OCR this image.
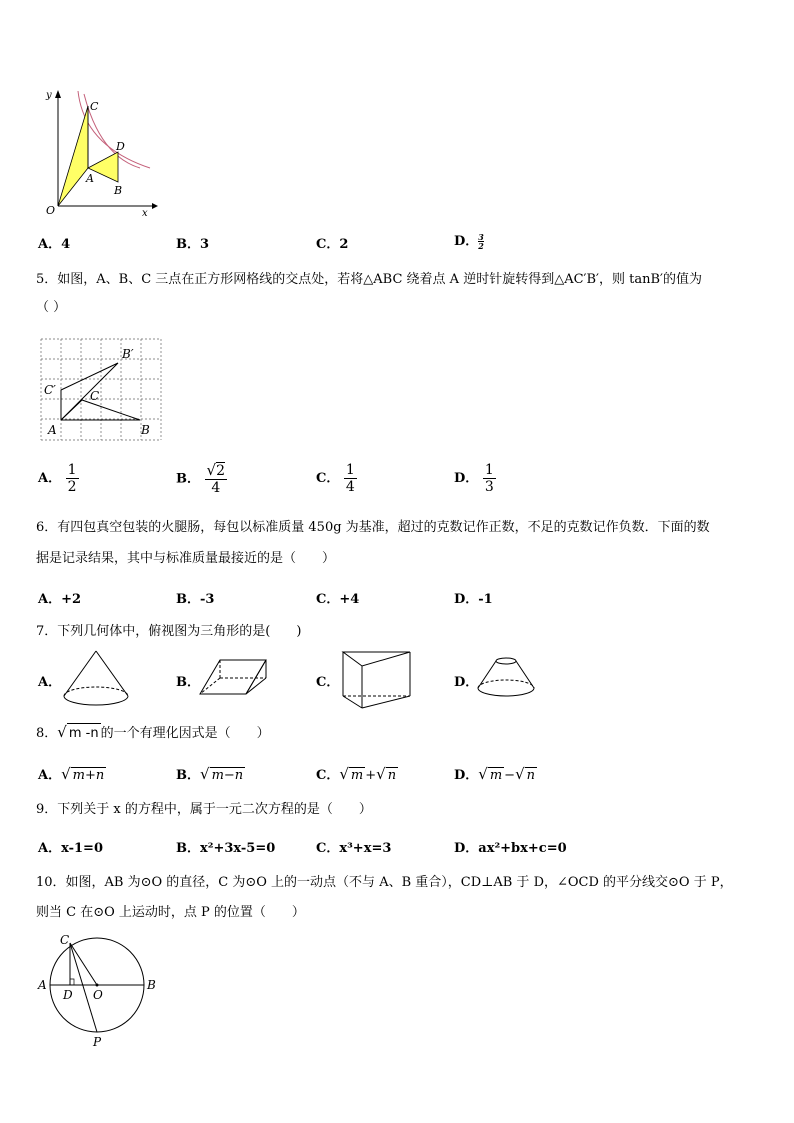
y
x
O
C
D
A
B
A．4	B．3	C．2	D． $\frac{3}{2}$
5．如图，A、B、C 三点在正方形网格线的交点处，若将△ABC 绕着点 A 逆时针旋转得到△AC′B′，则 tanB′的值为
（ ）
B′
C′	C
A	B
A． $\frac{1}{2}$	B． $\frac{√2}{4}$	C． $\frac{1}{4}$	D． $\frac{1}{3}$
6．有四包真空包装的火腿肠，每包以标准质量 450g 为基准，超过的克数记作正数，不足的克数记作负数．下面的数
据是记录结果，其中与标准质量最接近的是（　　）
A．+2	B．-3	C．+4	D．-1
7．下列几何体中，俯视图为三角形的是(　　)
A．	B．	C．	D．
8．√ m -n 的一个有理化因式是（　　）
A．√ m+n	B．√ m−n	C．√ m +√ n	D．√ m −√ n
9．下列关于 x 的方程中，属于一元二次方程的是（　　）
A．x-1=0	B．x²+3x-5=0	C．x³+x=3	D．ax²+bx+c=0
10．如图，AB 为⊙O 的直径，C 为⊙O 上的一动点（不与 A、B 重合），CD⊥AB 于 D，∠OCD 的平分线交⊙O 于 P，
则当 C 在⊙O 上运动时，点 P 的位置（　　）
C
A
D O
B
P
